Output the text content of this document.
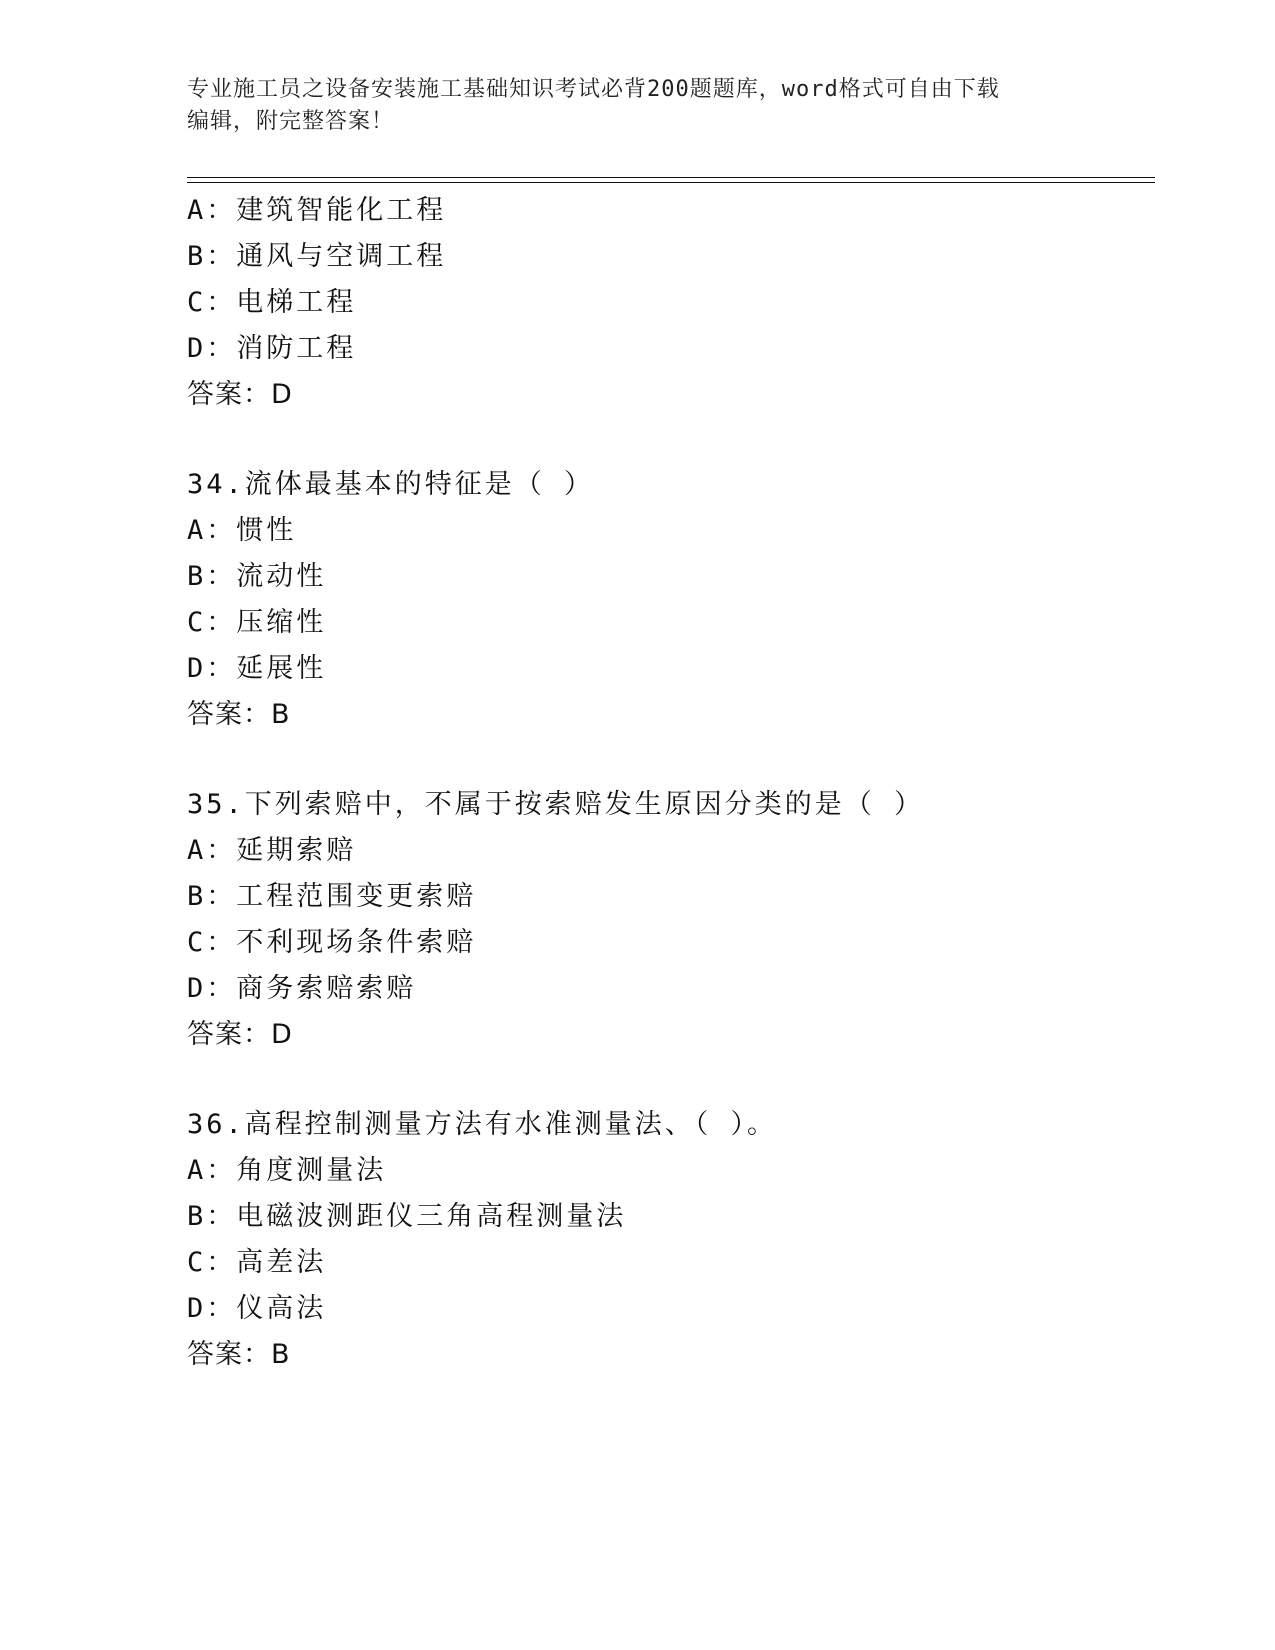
专业施工员之设备安装施工基础知识考试必背200题题库，word格式可自由下载
编辑，附完整答案！
A：建筑智能化工程
B：通风与空调工程
C：电梯工程
D：消防工程
答案：D
34.流体最基本的特征是（ ）
A：惯性
B：流动性
C：压缩性
D：延展性
答案：B
35.下列索赔中，不属于按索赔发生原因分类的是（ ）
A：延期索赔
B：工程范围变更索赔
C：不利现场条件索赔
D：商务索赔索赔
答案：D
36.高程控制测量方法有水准测量法、（ ）。
A：角度测量法
B：电磁波测距仪三角高程测量法
C：高差法
D：仪高法
答案：B
